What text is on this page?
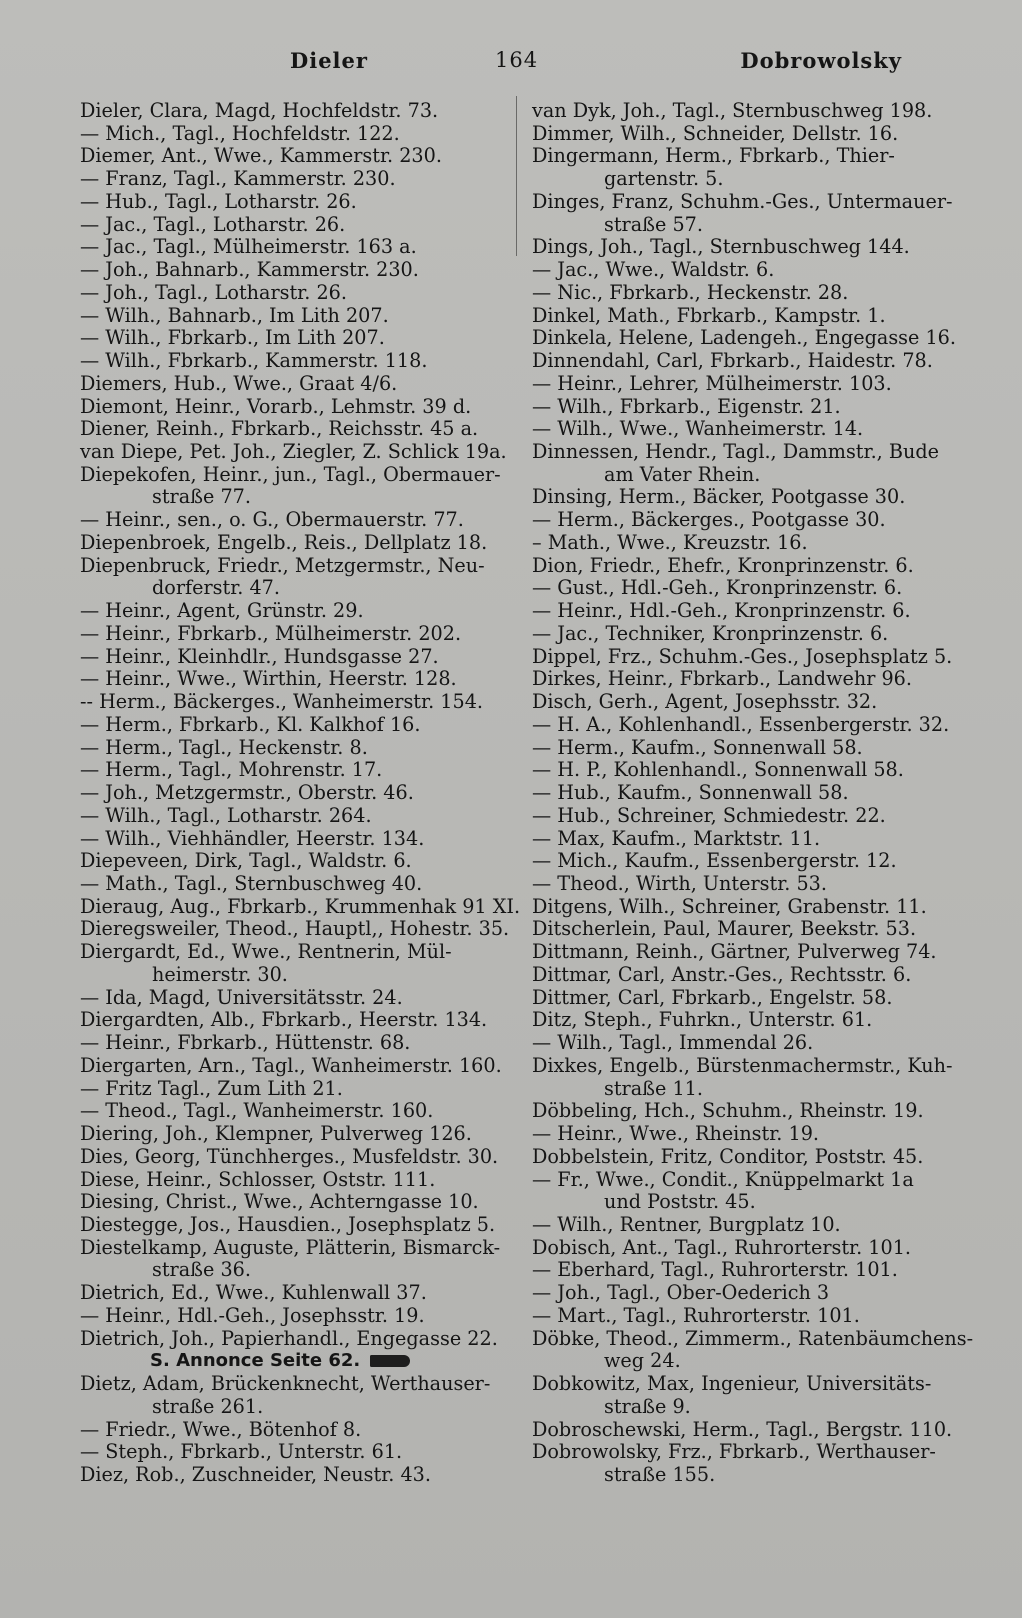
Dieler	164	Dobrowolsky
Dieler, Clara, Magd, Hochfeldstr. 73.
— Mich., Tagl., Hochfeldstr. 122.
Diemer, Ant., Wwe., Kammerstr. 230.
— Franz, Tagl., Kammerstr. 230.
— Hub., Tagl., Lotharstr. 26.
— Jac., Tagl., Lotharstr. 26.
— Jac., Tagl., Mülheimerstr. 163 a.
— Joh., Bahnarb., Kammerstr. 230.
— Joh., Tagl., Lotharstr. 26.
— Wilh., Bahnarb., Im Lith 207.
— Wilh., Fbrkarb., Im Lith 207.
— Wilh., Fbrkarb., Kammerstr. 118.
Diemers, Hub., Wwe., Graat 4/6.
Diemont, Heinr., Vorarb., Lehmstr. 39 d.
Diener, Reinh., Fbrkarb., Reichsstr. 45 a.
van Diepe, Pet. Joh., Ziegler, Z. Schlick 19a.
Diepekofen, Heinr., jun., Tagl., Obermauer-
straße 77.
— Heinr., sen., o. G., Obermauerstr. 77.
Diepenbroek, Engelb., Reis., Dellplatz 18.
Diepenbruck, Friedr., Metzgermstr., Neu-
dorferstr. 47.
— Heinr., Agent, Grünstr. 29.
— Heinr., Fbrkarb., Mülheimerstr. 202.
— Heinr., Kleinhdlr., Hundsgasse 27.
— Heinr., Wwe., Wirthin, Heerstr. 128.
-- Herm., Bäckerges., Wanheimerstr. 154.
— Herm., Fbrkarb., Kl. Kalkhof 16.
— Herm., Tagl., Heckenstr. 8.
— Herm., Tagl., Mohrenstr. 17.
— Joh., Metzgermstr., Oberstr. 46.
— Wilh., Tagl., Lotharstr. 264.
— Wilh., Viehhändler, Heerstr. 134.
Diepeveen, Dirk, Tagl., Waldstr. 6.
— Math., Tagl., Sternbuschweg 40.
Dieraug, Aug., Fbrkarb., Krummenhak 91 XI.
Dieregsweiler, Theod., Hauptl,, Hohestr. 35.
Diergardt, Ed., Wwe., Rentnerin, Mül-
heimerstr. 30.
— Ida, Magd, Universitätsstr. 24.
Diergardten, Alb., Fbrkarb., Heerstr. 134.
— Heinr., Fbrkarb., Hüttenstr. 68.
Diergarten, Arn., Tagl., Wanheimerstr. 160.
— Fritz Tagl., Zum Lith 21.
— Theod., Tagl., Wanheimerstr. 160.
Diering, Joh., Klempner, Pulverweg 126.
Dies, Georg, Tünchherges., Musfeldstr. 30.
Diese, Heinr., Schlosser, Oststr. 111.
Diesing, Christ., Wwe., Achterngasse 10.
Diestegge, Jos., Hausdien., Josephsplatz 5.
Diestelkamp, Auguste, Plätterin, Bismarck-
straße 36.
Dietrich, Ed., Wwe., Kuhlenwall 37.
— Heinr., Hdl.-Geh., Josephsstr. 19.
Dietrich, Joh., Papierhandl., Engegasse 22.
S. Annonce Seite 62.
Dietz, Adam, Brückenknecht, Werthauser-
straße 261.
— Friedr., Wwe., Bötenhof 8.
— Steph., Fbrkarb., Unterstr. 61.
Diez, Rob., Zuschneider, Neustr. 43.
van Dyk, Joh., Tagl., Sternbuschweg 198.
Dimmer, Wilh., Schneider, Dellstr. 16.
Dingermann, Herm., Fbrkarb., Thier-
gartenstr. 5.
Dinges, Franz, Schuhm.-Ges., Untermauer-
straße 57.
Dings, Joh., Tagl., Sternbuschweg 144.
— Jac., Wwe., Waldstr. 6.
— Nic., Fbrkarb., Heckenstr. 28.
Dinkel, Math., Fbrkarb., Kampstr. 1.
Dinkela, Helene, Ladengeh., Engegasse 16.
Dinnendahl, Carl, Fbrkarb., Haidestr. 78.
— Heinr., Lehrer, Mülheimerstr. 103.
— Wilh., Fbrkarb., Eigenstr. 21.
— Wilh., Wwe., Wanheimerstr. 14.
Dinnessen, Hendr., Tagl., Dammstr., Bude
am Vater Rhein.
Dinsing, Herm., Bäcker, Pootgasse 30.
— Herm., Bäckerges., Pootgasse 30.
– Math., Wwe., Kreuzstr. 16.
Dion, Friedr., Ehefr., Kronprinzenstr. 6.
— Gust., Hdl.-Geh., Kronprinzenstr. 6.
— Heinr., Hdl.-Geh., Kronprinzenstr. 6.
— Jac., Techniker, Kronprinzenstr. 6.
Dippel, Frz., Schuhm.-Ges., Josephsplatz 5.
Dirkes, Heinr., Fbrkarb., Landwehr 96.
Disch, Gerh., Agent, Josephsstr. 32.
— H. A., Kohlenhandl., Essenbergerstr. 32.
— Herm., Kaufm., Sonnenwall 58.
— H. P., Kohlenhandl., Sonnenwall 58.
— Hub., Kaufm., Sonnenwall 58.
— Hub., Schreiner, Schmiedestr. 22.
— Max, Kaufm., Marktstr. 11.
— Mich., Kaufm., Essenbergerstr. 12.
— Theod., Wirth, Unterstr. 53.
Ditgens, Wilh., Schreiner, Grabenstr. 11.
Ditscherlein, Paul, Maurer, Beekstr. 53.
Dittmann, Reinh., Gärtner, Pulverweg 74.
Dittmar, Carl, Anstr.-Ges., Rechtsstr. 6.
Dittmer, Carl, Fbrkarb., Engelstr. 58.
Ditz, Steph., Fuhrkn., Unterstr. 61.
— Wilh., Tagl., Immendal 26.
Dixkes, Engelb., Bürstenmachermstr., Kuh-
straße 11.
Döbbeling, Hch., Schuhm., Rheinstr. 19.
— Heinr., Wwe., Rheinstr. 19.
Dobbelstein, Fritz, Conditor, Poststr. 45.
— Fr., Wwe., Condit., Knüppelmarkt 1a
und Poststr. 45.
— Wilh., Rentner, Burgplatz 10.
Dobisch, Ant., Tagl., Ruhrorterstr. 101.
— Eberhard, Tagl., Ruhrorterstr. 101.
— Joh., Tagl., Ober-Oederich 3
— Mart., Tagl., Ruhrorterstr. 101.
Döbke, Theod., Zimmerm., Ratenbäumchens-
weg 24.
Dobkowitz, Max, Ingenieur, Universitäts-
straße 9.
Dobroschewski, Herm., Tagl., Bergstr. 110.
Dobrowolsky, Frz., Fbrkarb., Werthauser-
straße 155.
